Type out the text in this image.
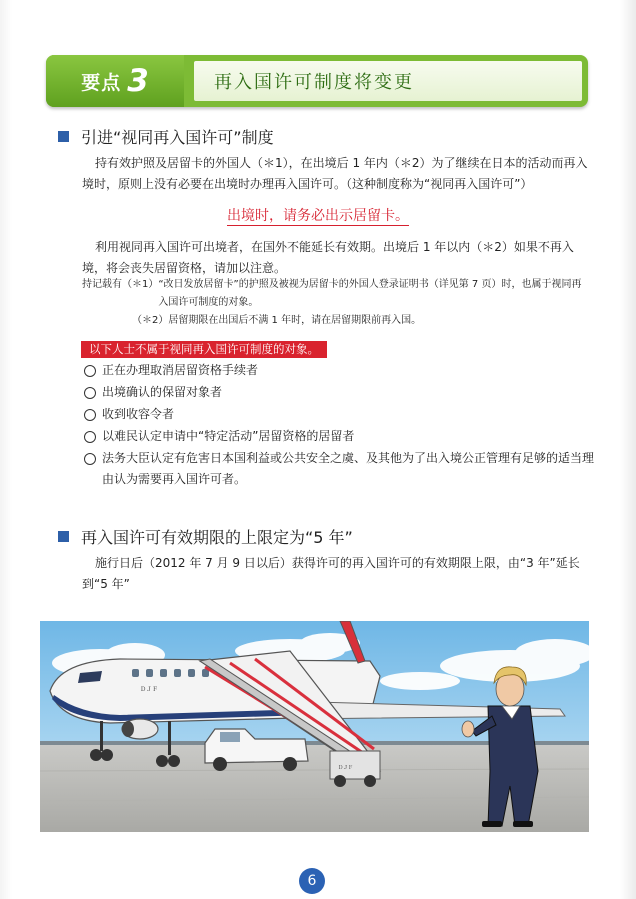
要点 3	再入国许可制度将变更
引进“视同再入国许可”制度
持有效护照及居留卡的外国人（＊1），在出境后 1 年内（＊2）为了继续在日本的活动而再入境时，原则上没有必要在出境时办理再入国许可。（这种制度称为“视同再入国许可”）
出境时，请务必出示居留卡。
利用视同再入国许可出境者，在国外不能延长有效期。出境后 1 年以内（＊2）如果不再入境，将会丧失居留资格，请加以注意。
持记载有（＊1） “改日发放居留卡”的护照及被视为居留卡的外国人登录证明书（详见第 7 页）时，也属于视同再入国许可制度的对象。
（＊2）居留期限在出国后不满 1 年时，请在居留期限前再入国。
以下人士不属于视同再入国许可制度的对象。
正在办理取消居留资格手续者
出境确认的保留对象者
收到收容令者
以难民认定申请中“特定活动”居留资格的居留者
法务大臣认定有危害日本国利益或公共安全之虞、及其他为了出入境公正管理有足够的适当理由认为需要再入国许可者。
再入国许可有效期限的上限定为“5 年”
施行日后（2012 年 7 月 9 日以后）获得许可的再入国许可的有效期限上限，由“3 年”延长到“5 年”
ＤＪＦ
ＤＪＦ
6
